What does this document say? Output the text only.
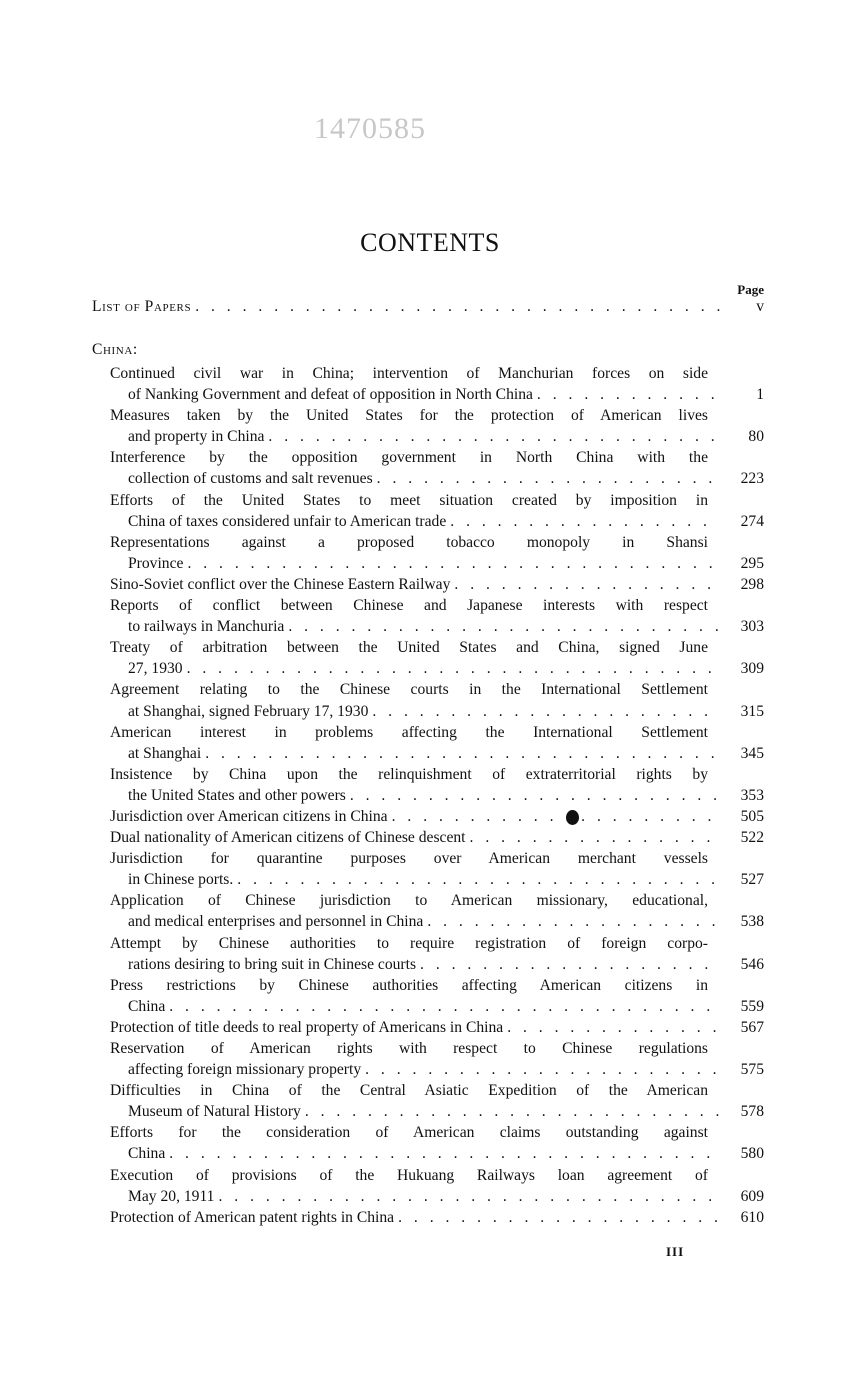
1470585
CONTENTS
Page
List of Papers . . .	v
China:
Continued civil war in China; intervention of Manchurian forces on side
of Nanking Government and defeat of opposition in North China . . .	1
Measures taken by the United States for the protection of American lives
and property in China . . .	80
Interference by the opposition government in North China with the
collection of customs and salt revenues . . .	223
Efforts of the United States to meet situation created by imposition in
China of taxes considered unfair to American trade . . .	274
Representations against a proposed tobacco monopoly in Shansi
Province . . .	295
Sino-Soviet conflict over the Chinese Eastern Railway . . .	298
Reports of conflict between Chinese and Japanese interests with respect
to railways in Manchuria . . .	303
Treaty of arbitration between the United States and China, signed June
27, 1930 . . .	309
Agreement relating to the Chinese courts in the International Settlement
at Shanghai, signed February 17, 1930 . . .	315
American interest in problems affecting the International Settlement
at Shanghai . . .	345
Insistence by China upon the relinquishment of extraterritorial rights by
the United States and other powers . . .	353
Jurisdiction over American citizens in China . . .	505
Dual nationality of American citizens of Chinese descent . . .	522
Jurisdiction for quarantine purposes over American merchant vessels
in Chinese ports. . . .	527
Application of Chinese jurisdiction to American missionary, educational,
and medical enterprises and personnel in China . . .	538
Attempt by Chinese authorities to require registration of foreign corpo-
rations desiring to bring suit in Chinese courts . . .	546
Press restrictions by Chinese authorities affecting American citizens in
China . . .	559
Protection of title deeds to real property of Americans in China . . .	567
Reservation of American rights with respect to Chinese regulations
affecting foreign missionary property . . .	575
Difficulties in China of the Central Asiatic Expedition of the American
Museum of Natural History . . .	578
Efforts for the consideration of American claims outstanding against
China . . .	580
Execution of provisions of the Hukuang Railways loan agreement of
May 20, 1911 . . .	609
Protection of American patent rights in China . . .	610
III
